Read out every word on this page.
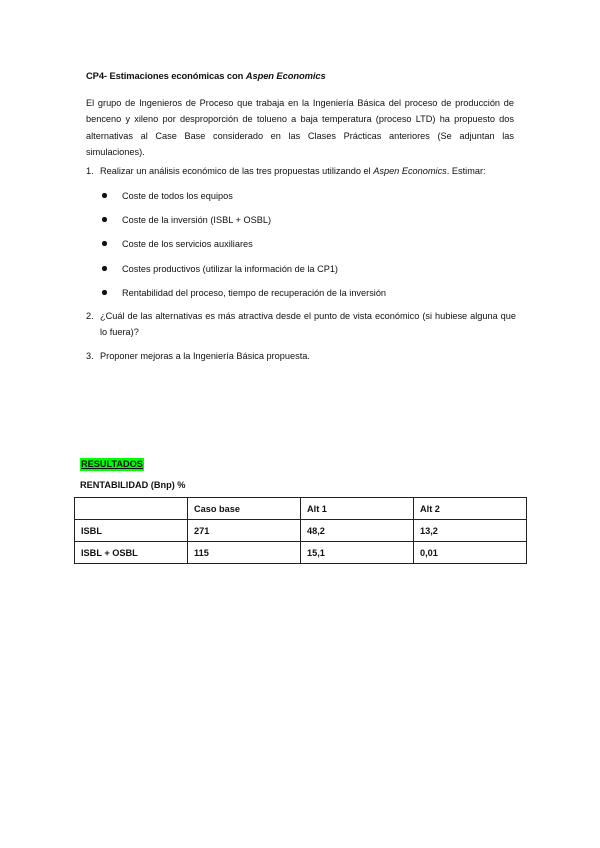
CP4- Estimaciones económicas con Aspen Economics
El grupo de Ingenieros de Proceso que trabaja en la Ingeniería Básica del proceso de producción de benceno y xileno por desproporción de tolueno a baja temperatura (proceso LTD) ha propuesto dos alternativas al Case Base considerado en las Clases Prácticas anteriores (Se adjuntan las simulaciones).
1. Realizar un análisis económico de las tres propuestas utilizando el Aspen Economics. Estimar:
Coste de todos los equipos
Coste de la inversión (ISBL + OSBL)
Coste de los servicios auxiliares
Costes productivos (utilizar la información de la CP1)
Rentabilidad del proceso, tiempo de recuperación de la inversión
2. ¿Cuál de las alternativas es más atractiva desde el punto de vista económico (si hubiese alguna que lo fuera)?
3. Proponer mejoras a la Ingeniería Básica propuesta.
RESULTADOS
RENTABILIDAD (Bnp) %
	Caso base	Alt 1	Alt 2
ISBL	271	48,2	13,2
ISBL + OSBL	115	15,1	0,01
